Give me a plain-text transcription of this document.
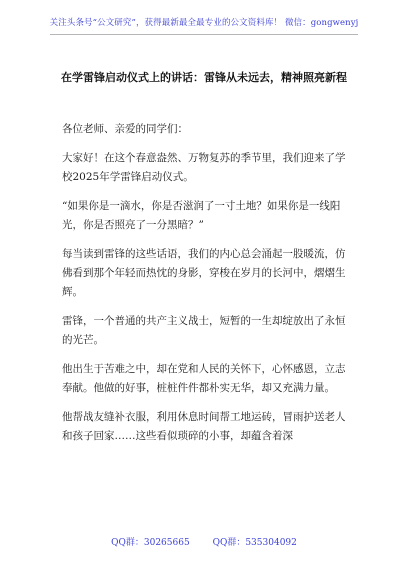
关注头条号“公文研究”，获得最新最全最专业的公文资料库！ 微信：gongwenyj
在学雷锋启动仪式上的讲话：雷锋从未远去，精神照亮新程

各位老师、亲爱的同学们：

大家好！在这个春意盎然、万物复苏的季节里，我们迎来了学校2025年学雷锋启动仪式。

“如果你是一滴水，你是否滋润了一寸土地？如果你是一线阳光，你是否照亮了一分黑暗？”

每当读到雷锋的这些话语，我们的内心总会涌起一股暖流，仿佛看到那个年轻而热忱的身影，穿梭在岁月的长河中，熠熠生辉。

雷锋，一个普通的共产主义战士，短暂的一生却绽放出了永恒的光芒。

他出生于苦难之中，却在党和人民的关怀下，心怀感恩，立志奉献。他做的好事，桩桩件件都朴实无华，却又充满力量。

他帮战友缝补衣服，利用休息时间帮工地运砖，冒雨护送老人和孩子回家……这些看似琐碎的小事，却蕴含着深

QQ群：30265665	QQ群：535304092
